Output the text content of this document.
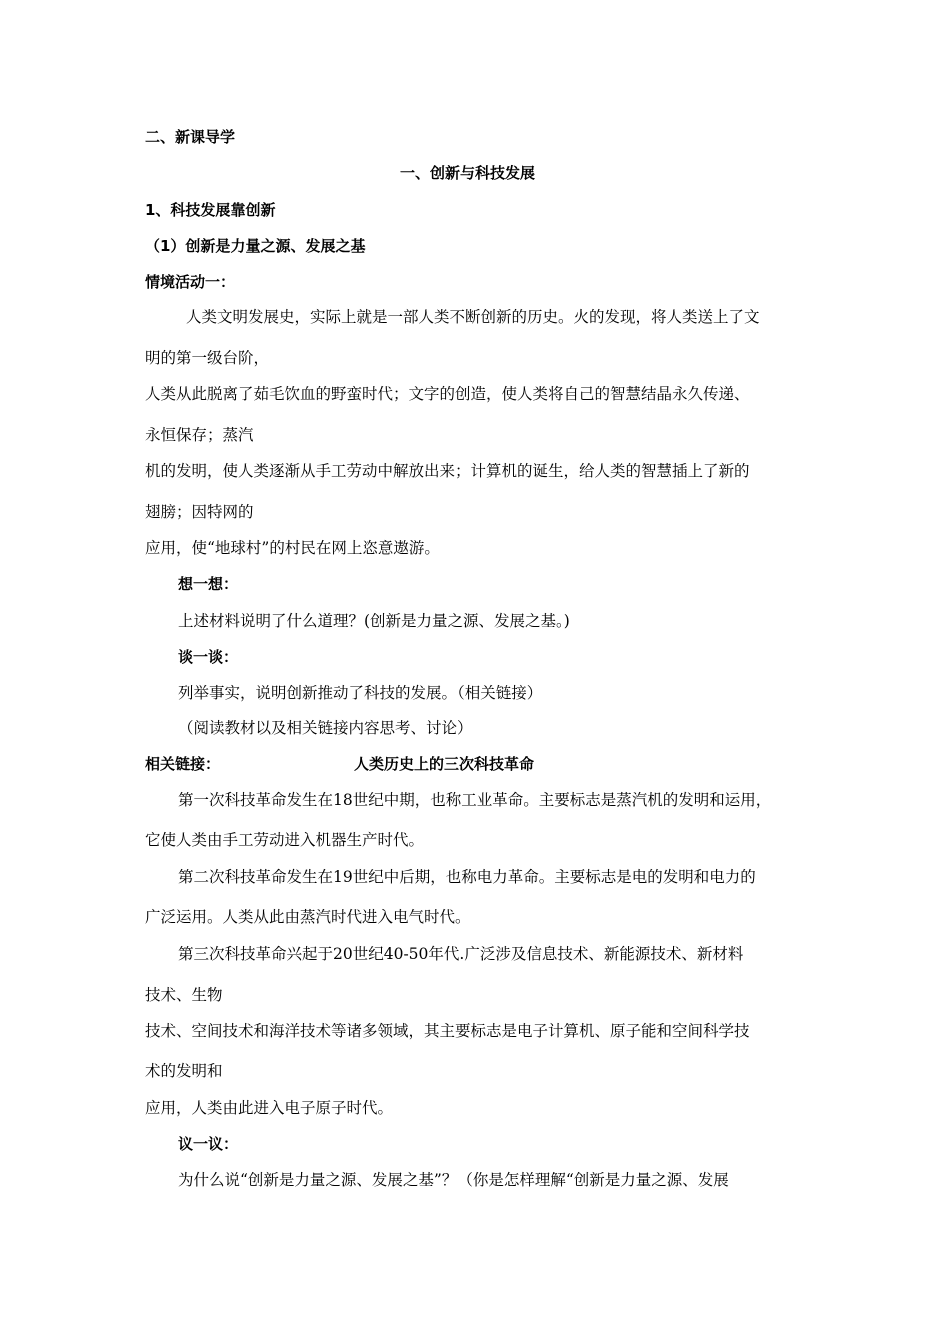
二、新课导学
一、创新与科技发展
1、科技发展靠创新
（1）创新是力量之源、发展之基
情境活动一：
人类文明发展史，实际上就是一部人类不断创新的历史。火的发现，将人类送上了文
明的第一级台阶，
人类从此脱离了茹毛饮血的野蛮时代；文字的创造，使人类将自己的智慧结晶永久传递、
永恒保存；蒸汽
机的发明，使人类逐渐从手工劳动中解放出来；计算机的诞生，给人类的智慧插上了新的
翅膀；因特网的
应用，使“地球村”的村民在网上恣意遨游。
想一想：
上述材料说明了什么道理？(创新是力量之源、发展之基。)
谈一谈：
列举事实，说明创新推动了科技的发展。（相关链接）
（阅读教材以及相关链接内容思考、讨论）
相关链接：	人类历史上的三次科技革命
第一次科技革命发生在18世纪中期，也称工业革命。主要标志是蒸汽机的发明和运用，
它使人类由手工劳动进入机器生产时代。
第二次科技革命发生在19世纪中后期，也称电力革命。主要标志是电的发明和电力的
广泛运用。人类从此由蒸汽时代进入电气时代。
第三次科技革命兴起于20世纪40-50年代.广泛涉及信息技术、新能源技术、新材料
技术、生物
技术、空间技术和海洋技术等诸多领域，其主要标志是电子计算机、原子能和空间科学技
术的发明和
应用，人类由此进入电子原子时代。
议一议：
为什么说“创新是力量之源、发展之基”？（你是怎样理解“创新是力量之源、发展
